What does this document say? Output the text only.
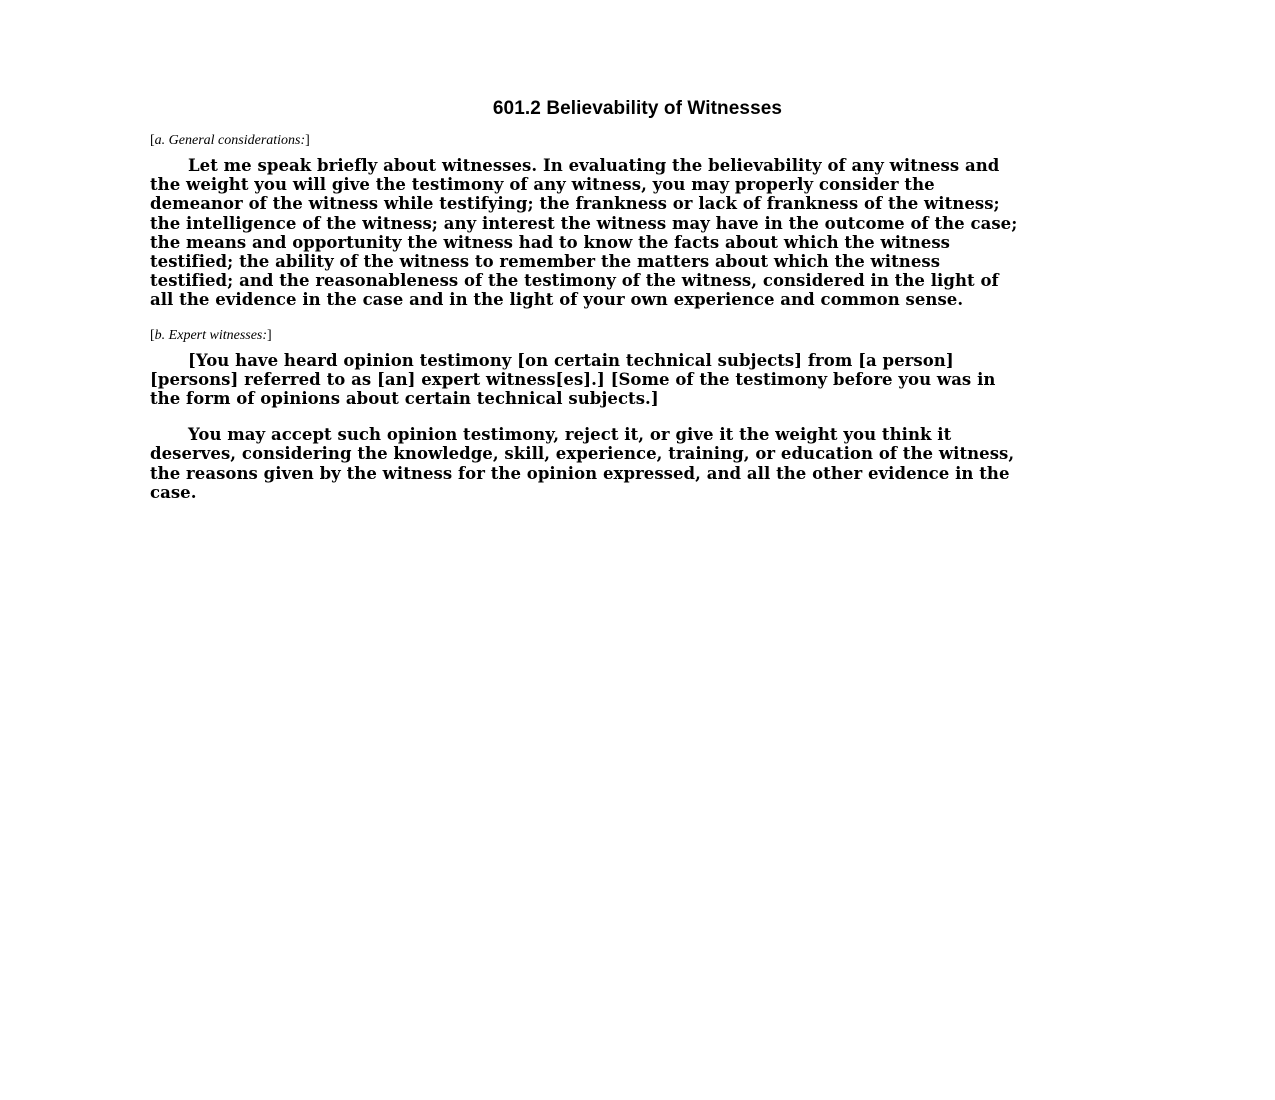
601.2 Believability of Witnesses
[a. General considerations:]

Let me speak briefly about witnesses. In evaluating the believability of any witness and
the weight you will give the testimony of any witness, you may properly consider the
demeanor of the witness while testifying; the frankness or lack of frankness of the witness;
the intelligence of the witness; any interest the witness may have in the outcome of the case;
the means and opportunity the witness had to know the facts about which the witness
testified; the ability of the witness to remember the matters about which the witness
testified; and the reasonableness of the testimony of the witness, considered in the light of
all the evidence in the case and in the light of your own experience and common sense.

[b. Expert witnesses:]

[You have heard opinion testimony [on certain technical subjects] from [a person]
[persons] referred to as [an] expert witness[es].] [Some of the testimony before you was in
the form of opinions about certain technical subjects.]

You may accept such opinion testimony, reject it, or give it the weight you think it
deserves, considering the knowledge, skill, experience, training, or education of the witness,
the reasons given by the witness for the opinion expressed, and all the other evidence in the
case.
